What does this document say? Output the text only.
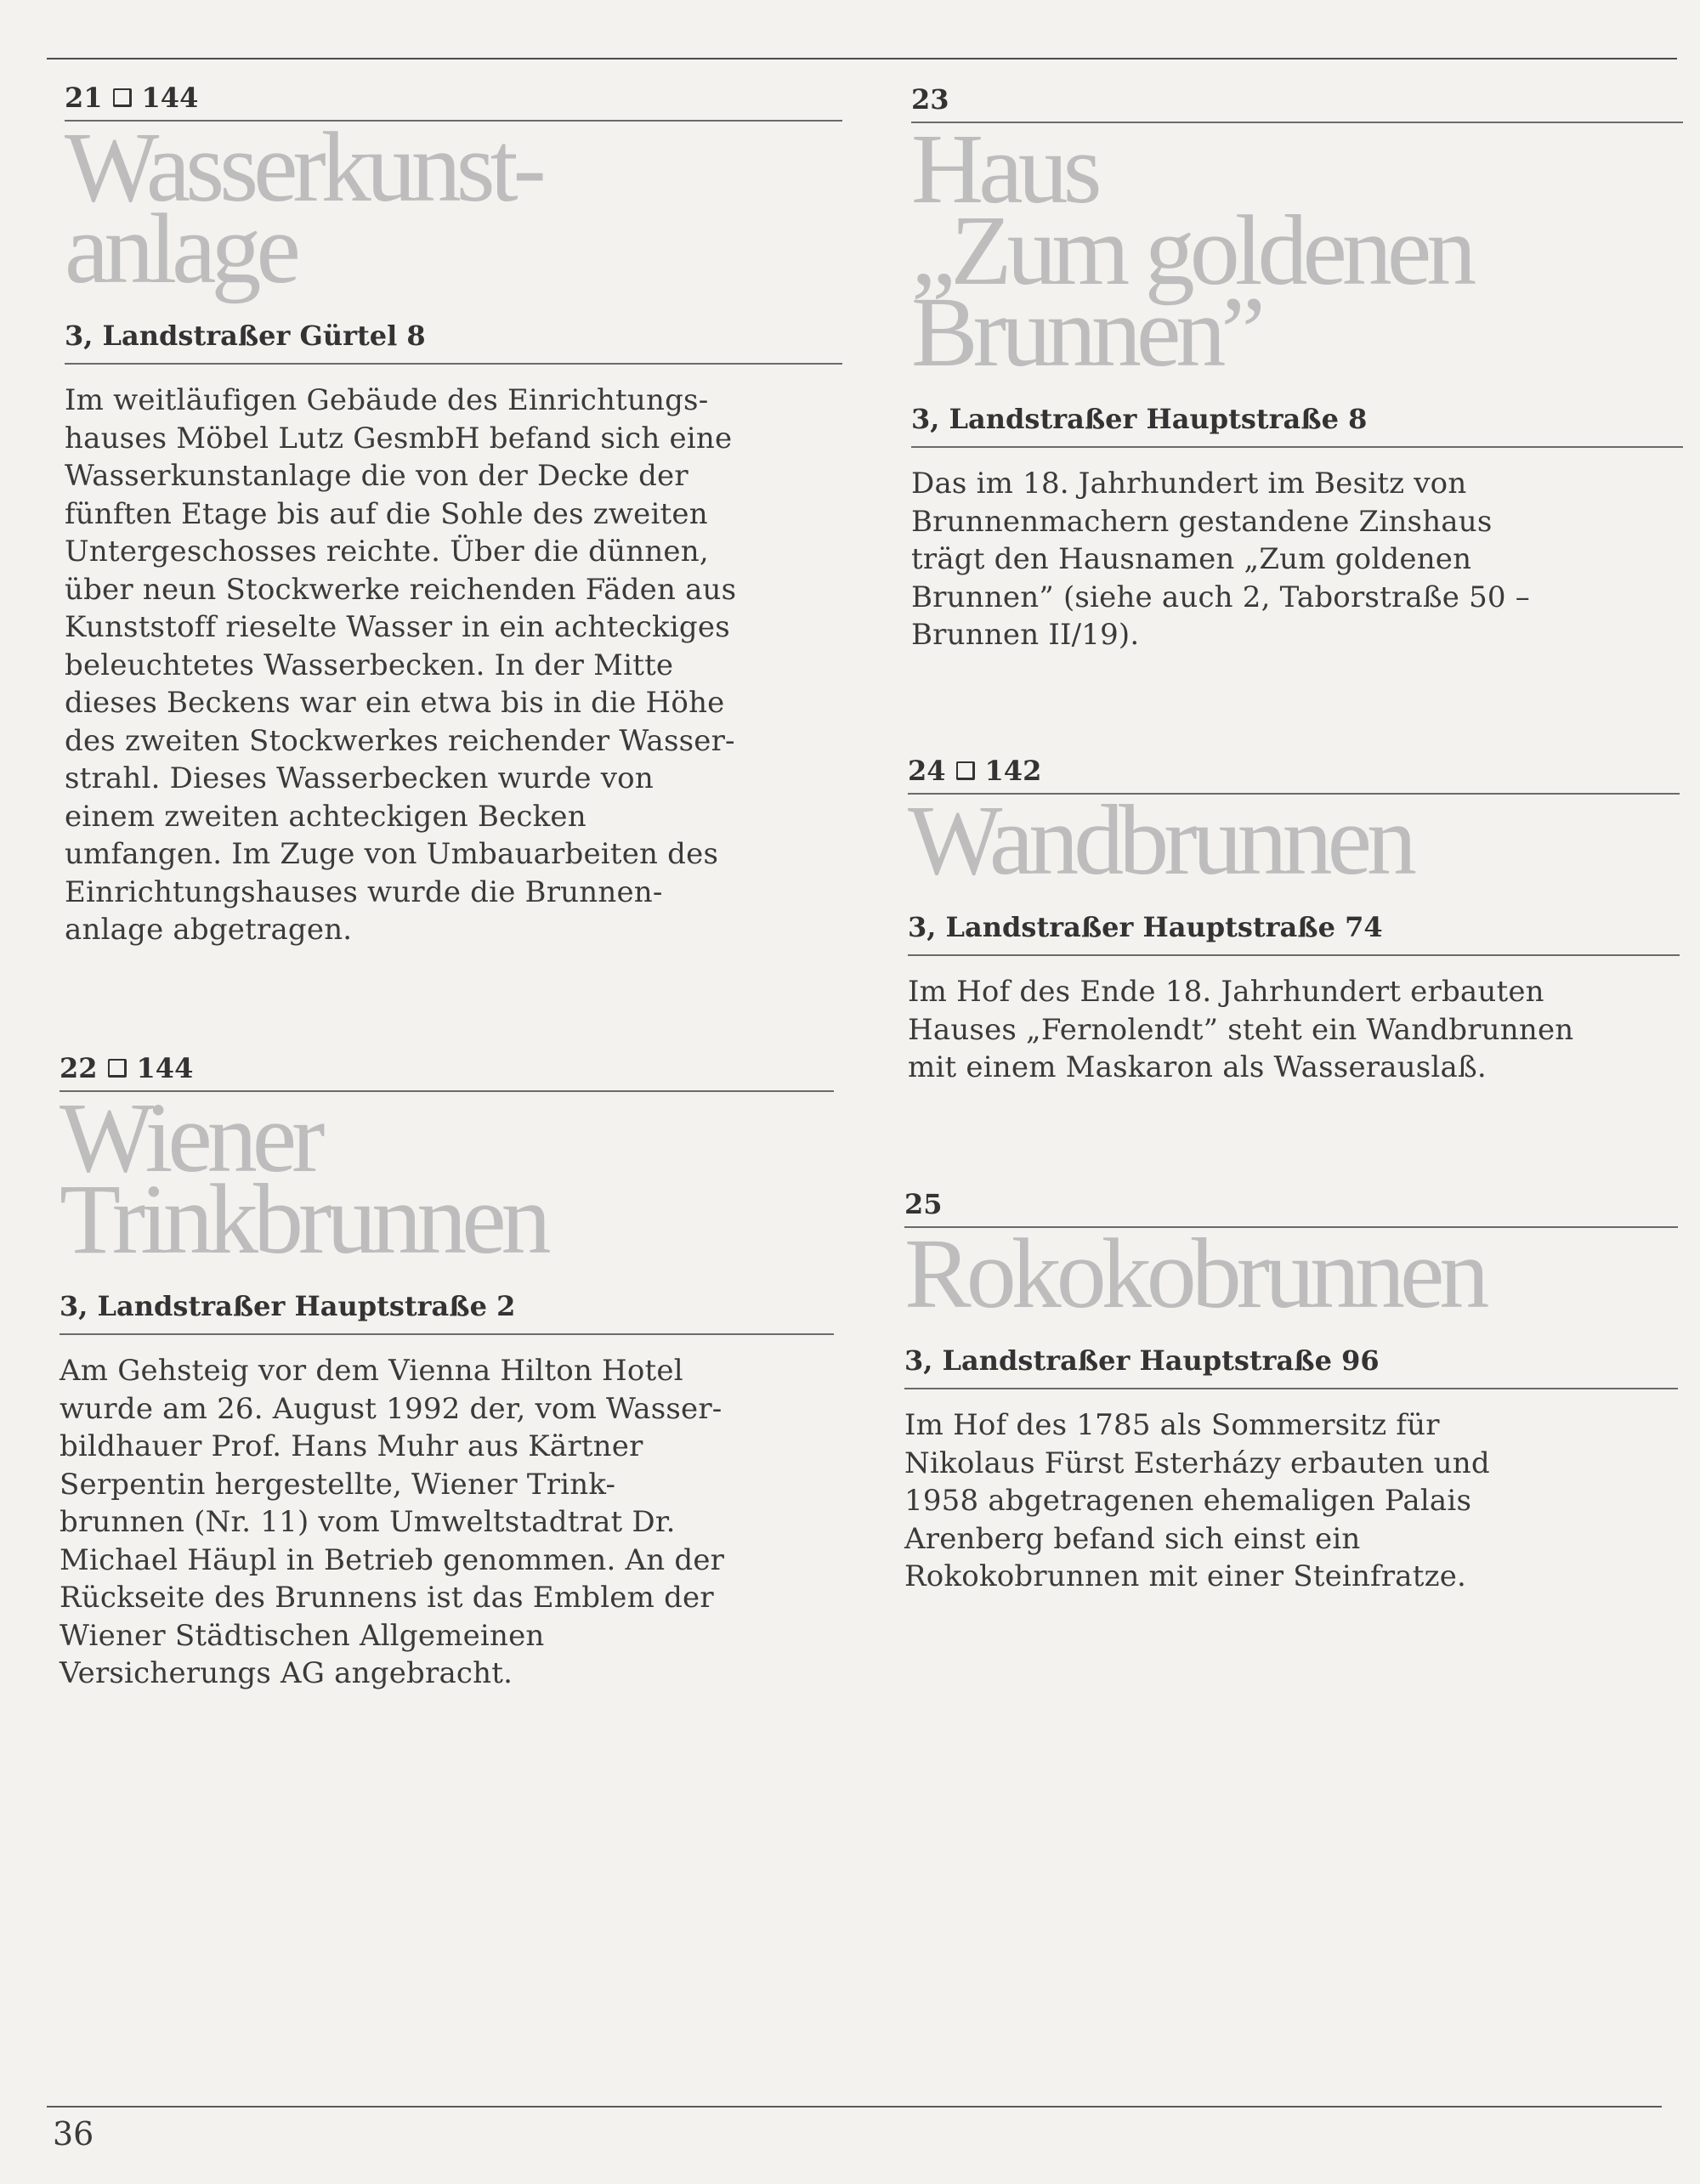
21 144
Wasserkunst-
anlage
3, Landstraßer Gürtel 8
Im weitläufigen Gebäude des Einrichtungs-
hauses Möbel Lutz GesmbH befand sich eine
Wasserkunstanlage die von der Decke der
fünften Etage bis auf die Sohle des zweiten
Untergeschosses reichte. Über die dünnen,
über neun Stockwerke reichenden Fäden aus
Kunststoff rieselte Wasser in ein achteckiges
beleuchtetes Wasserbecken. In der Mitte
dieses Beckens war ein etwa bis in die Höhe
des zweiten Stockwerkes reichender Wasser-
strahl. Dieses Wasserbecken wurde von
einem zweiten achteckigen Becken
umfangen. Im Zuge von Umbauarbeiten des
Einrichtungshauses wurde die Brunnen-
anlage abgetragen.
22 144
Wiener
Trinkbrunnen
3, Landstraßer Hauptstraße 2
Am Gehsteig vor dem Vienna Hilton Hotel
wurde am 26. August 1992 der, vom Wasser-
bildhauer Prof. Hans Muhr aus Kärtner
Serpentin hergestellte, Wiener Trink-
brunnen (Nr. 11) vom Umweltstadtrat Dr.
Michael Häupl in Betrieb genommen. An der
Rückseite des Brunnens ist das Emblem der
Wiener Städtischen Allgemeinen
Versicherungs AG angebracht.
23
Haus
„Zum goldenen
Brunnen”
3, Landstraßer Hauptstraße 8
Das im 18. Jahrhundert im Besitz von
Brunnenmachern gestandene Zinshaus
trägt den Hausnamen „Zum goldenen
Brunnen” (siehe auch 2, Taborstraße 50 –
Brunnen II/19).
24 142
Wandbrunnen
3, Landstraßer Hauptstraße 74
Im Hof des Ende 18. Jahrhundert erbauten
Hauses „Fernolendt” steht ein Wandbrunnen
mit einem Maskaron als Wasserauslaß.
25
Rokokobrunnen
3, Landstraßer Hauptstraße 96
Im Hof des 1785 als Sommersitz für
Nikolaus Fürst Esterházy erbauten und
1958 abgetragenen ehemaligen Palais
Arenberg befand sich einst ein
Rokokobrunnen mit einer Steinfratze.
36
